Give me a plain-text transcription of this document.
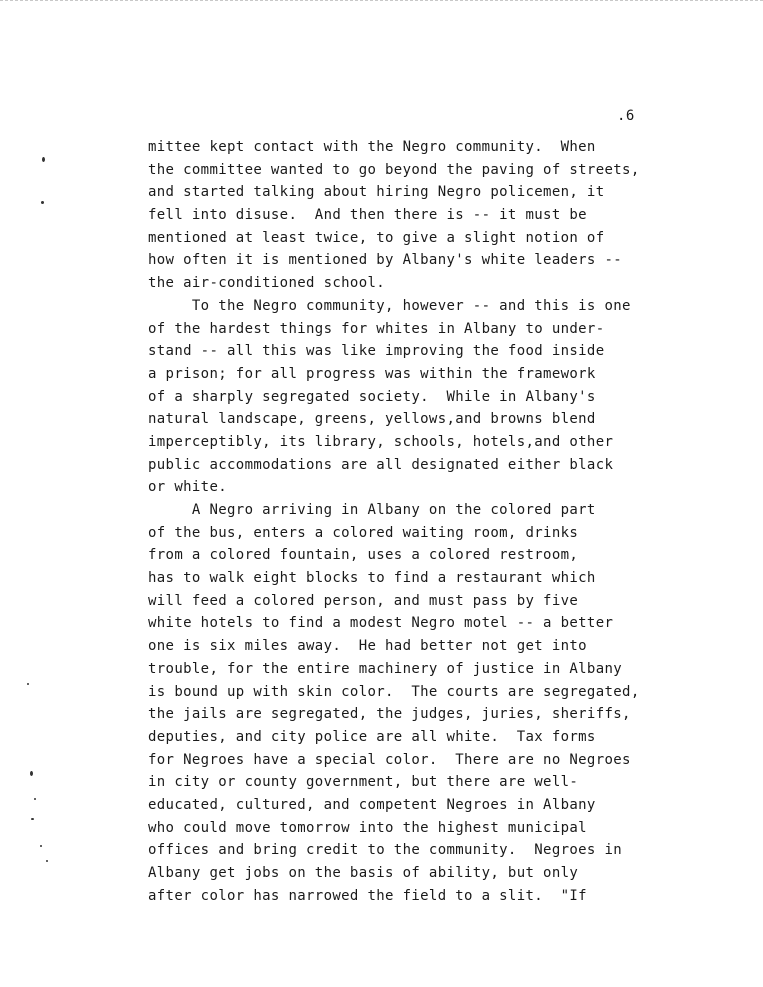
.6
mittee kept contact with the Negro community.  When
the committee wanted to go beyond the paving of streets,
and started talking about hiring Negro policemen, it
fell into disuse.  And then there is -- it must be
mentioned at least twice, to give a slight notion of
how often it is mentioned by Albany's white leaders --
the air-conditioned school.
To the Negro community, however -- and this is one
of the hardest things for whites in Albany to under-
stand -- all this was like improving the food inside
a prison; for all progress was within the framework
of a sharply segregated society.  While in Albany's
natural landscape, greens, yellows,and browns blend
imperceptibly, its library, schools, hotels,and other
public accommodations are all designated either black
or white.
A Negro arriving in Albany on the colored part
of the bus, enters a colored waiting room, drinks
from a colored fountain, uses a colored restroom,
has to walk eight blocks to find a restaurant which
will feed a colored person, and must pass by five
white hotels to find a modest Negro motel -- a better
one is six miles away.  He had better not get into
trouble, for the entire machinery of justice in Albany
is bound up with skin color.  The courts are segregated,
the jails are segregated, the judges, juries, sheriffs,
deputies, and city police are all white.  Tax forms
for Negroes have a special color.  There are no Negroes
in city or county government, but there are well-
educated, cultured, and competent Negroes in Albany
who could move tomorrow into the highest municipal
offices and bring credit to the community.  Negroes in
Albany get jobs on the basis of ability, but only
after color has narrowed the field to a slit.  "If
